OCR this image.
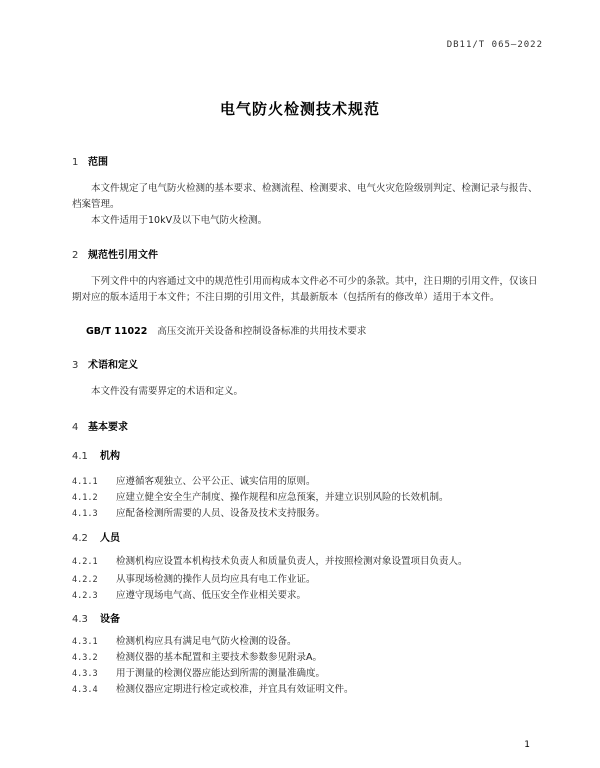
DB11/T 065—2022
电气防火检测技术规范
1 范围
本文件规定了电气防火检测的基本要求、检测流程、检测要求、电气火灾危险级别判定、检测记录与报告、档案管理。
本文件适用于10kV及以下电气防火检测。
2 规范性引用文件
下列文件中的内容通过文中的规范性引用而构成本文件必不可少的条款。其中，注日期的引用文件，仅该日期对应的版本适用于本文件；不注日期的引用文件，其最新版本（包括所有的修改单）适用于本文件。
GB/T 11022 高压交流开关设备和控制设备标准的共用技术要求
3 术语和定义
本文件没有需要界定的术语和定义。
4 基本要求
4.1 机构
4.1.1 应遵循客观独立、公平公正、诚实信用的原则。
4.1.2 应建立健全安全生产制度、操作规程和应急预案，并建立识别风险的长效机制。
4.1.3 应配备检测所需要的人员、设备及技术支持服务。
4.2 人员
4.2.1 检测机构应设置本机构技术负责人和质量负责人，并按照检测对象设置项目负责人。
4.2.2 从事现场检测的操作人员均应具有电工作业证。
4.2.3 应遵守现场电气高、低压安全作业相关要求。
4.3 设备
4.3.1 检测机构应具有满足电气防火检测的设备。
4.3.2 检测仪器的基本配置和主要技术参数参见附录A。
4.3.3 用于测量的检测仪器应能达到所需的测量准确度。
4.3.4 检测仪器应定期进行检定或校准，并宜具有效证明文件。
1
